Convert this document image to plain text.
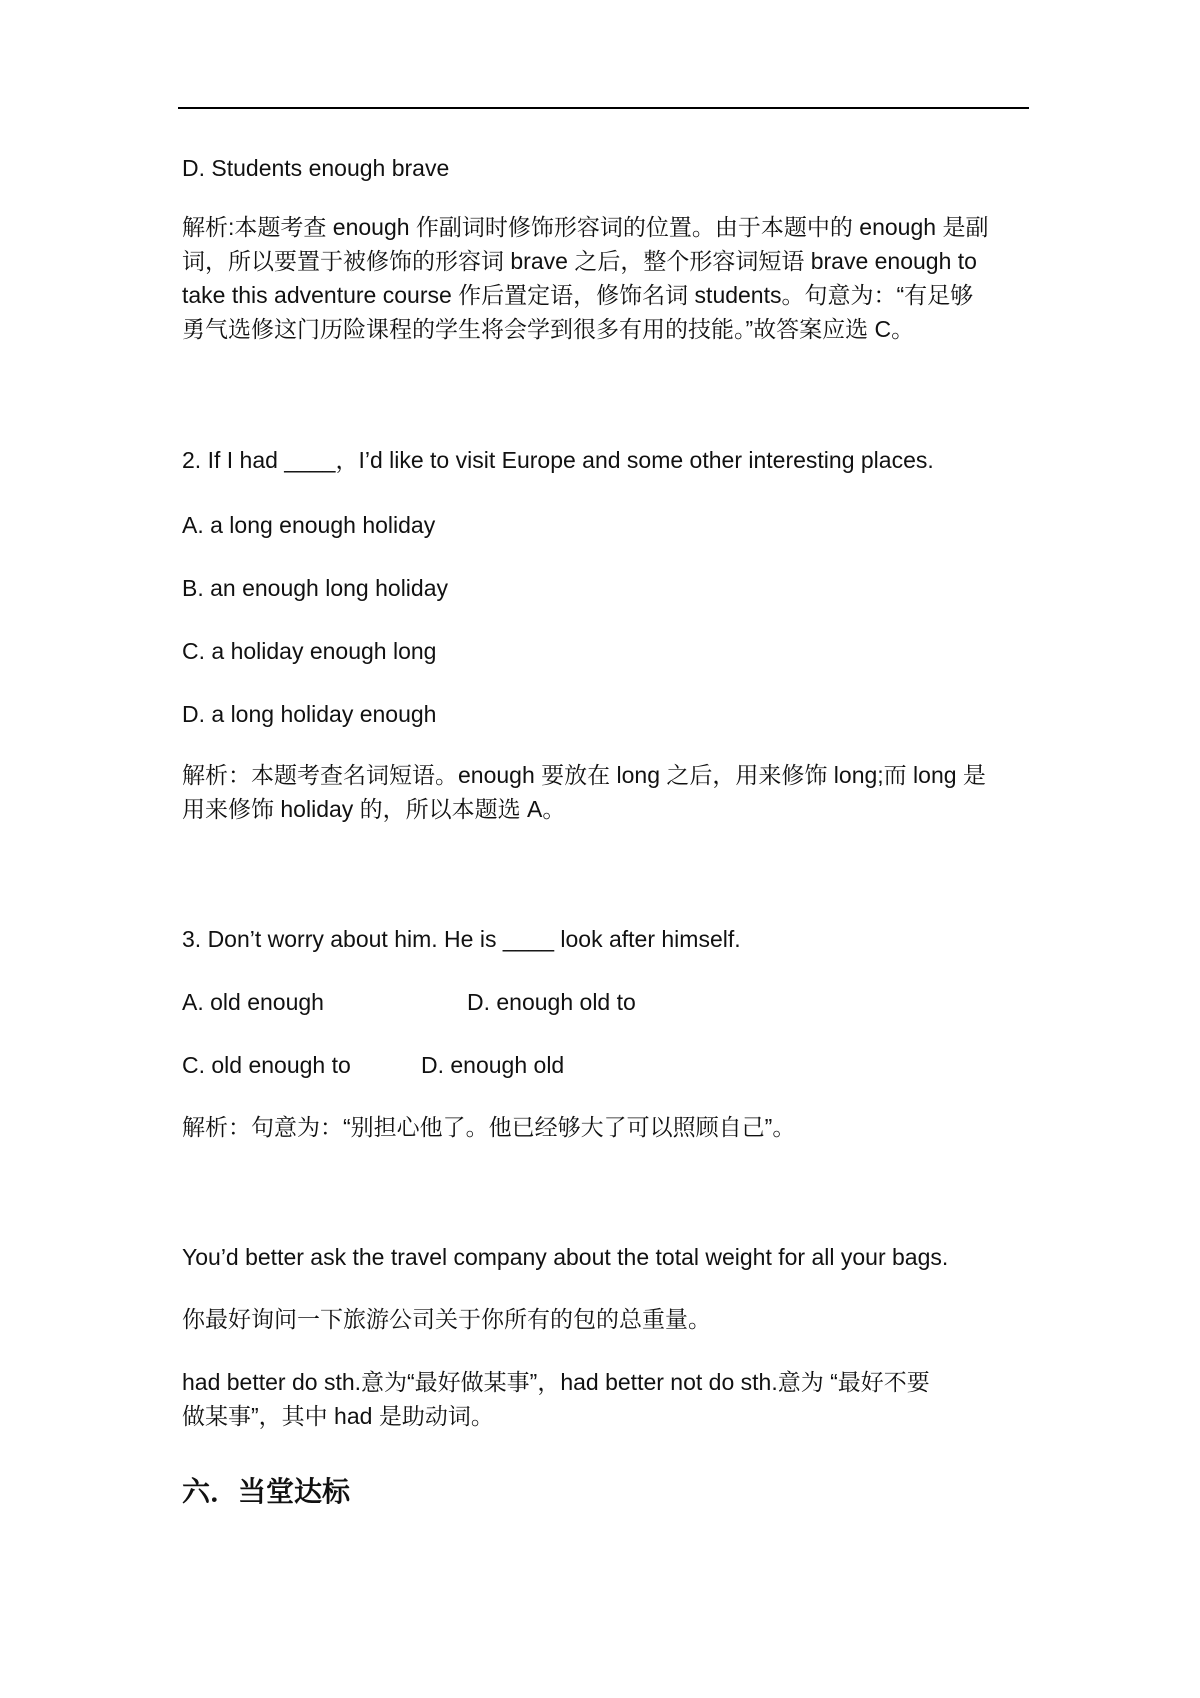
D. Students enough brave
解析:本题考查 enough 作副词时修饰形容词的位置。由于本题中的 enough 是副
词，所以要置于被修饰的形容词 brave 之后，整个形容词短语 brave enough to
take this adventure course 作后置定语，修饰名词 students。句意为：“有足够
勇气选修这门历险课程的学生将会学到很多有用的技能。”故答案应选 C。
2. If I had ____，I’d like to visit Europe and some other interesting places.
A. a long enough holiday
B. an enough long holiday
C. a holiday enough long
D. a long holiday enough
解析：本题考查名词短语。enough 要放在 long 之后，用来修饰 long;而 long 是
用来修饰 holiday 的，所以本题选 A。
3. Don’t worry about him. He is ____ look after himself.
A. old enough	D. enough old to
C. old enough to	D. enough old
解析：句意为：“别担心他了。他已经够大了可以照顾自己”。
You’d better ask the travel company about the total weight for all your bags.
你最好询问一下旅游公司关于你所有的包的总重量。
had better do sth.意为“最好做某事”，had better not do sth.意为 “最好不要
做某事”，其中 had 是助动词。
六．当堂达标
